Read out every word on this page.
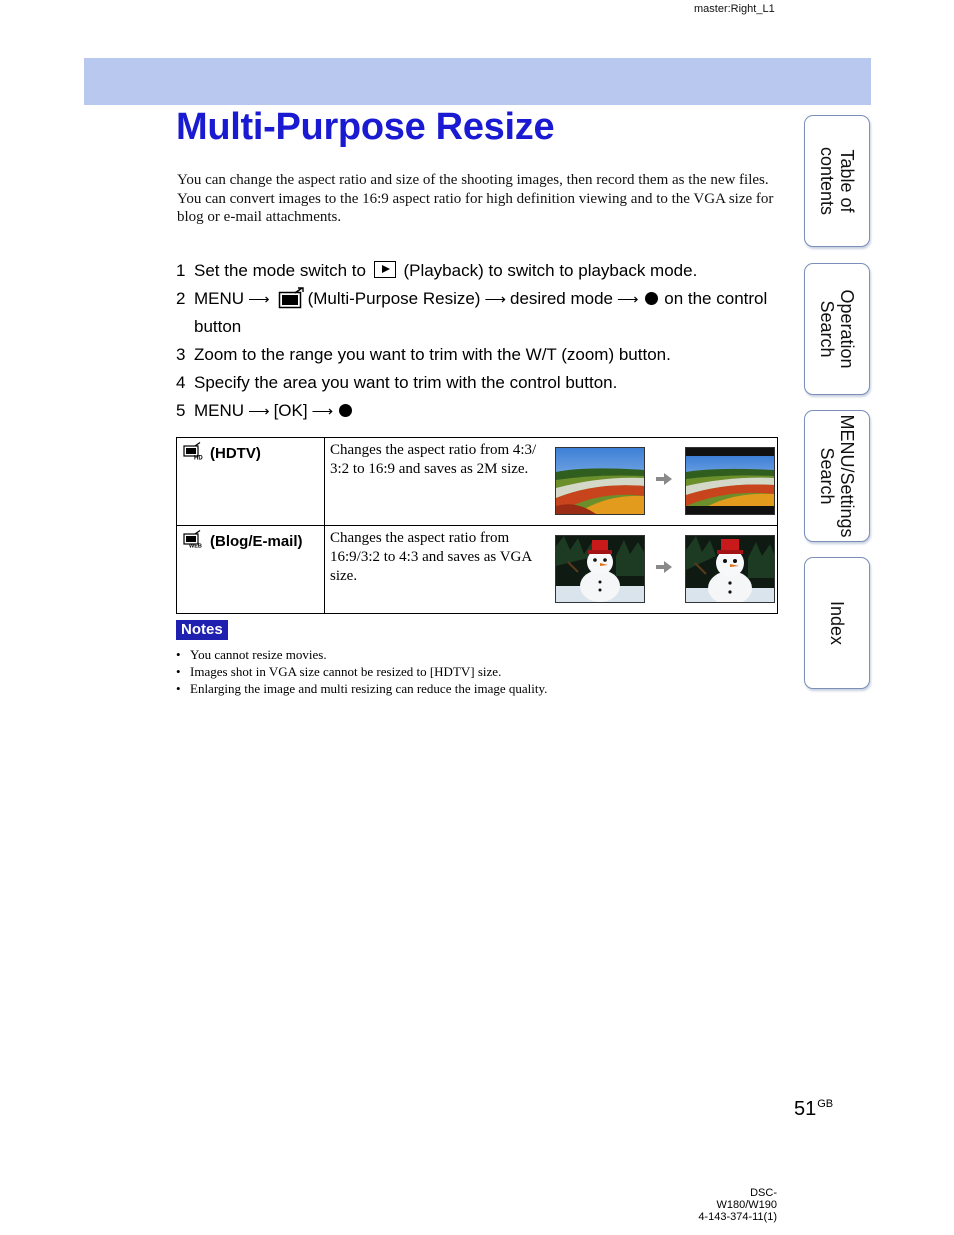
master:Right_L1
Multi-Purpose Resize

You can change the aspect ratio and size of the shooting images, then record them as the new files.

You can convert images to the 16:9 aspect ratio for high definition viewing and to the VGA size for blog or e-mail attachments.

1 Set the mode switch to (Playback) to switch to playback mode.
2 MENU ⟶ (Multi-Purpose Resize) ⟶ desired mode ⟶ on the control button
3 Zoom to the range you want to trim with the W/T (zoom) button.
4 Specify the area you want to trim with the control button.
5 MENU ⟶ [OK] ⟶
HD (HDTV)	Changes the aspect ratio from 4:3/ 3:2 to 16:9 and saves as 2M size.

WEB (Blog/E-mail)	Changes the aspect ratio from 16:9/3:2 to 4:3 and saves as VGA size.
Notes
• You cannot resize movies.
• Images shot in VGA size cannot be resized to [HDTV] size.
• Enlarging the image and multi resizing can reduce the image quality.
Table of
contents
Operation
Search
MENU/Settings
Search
Index
$51^{GB}$
DSC-W180/W190
4-143-374-11(1)
